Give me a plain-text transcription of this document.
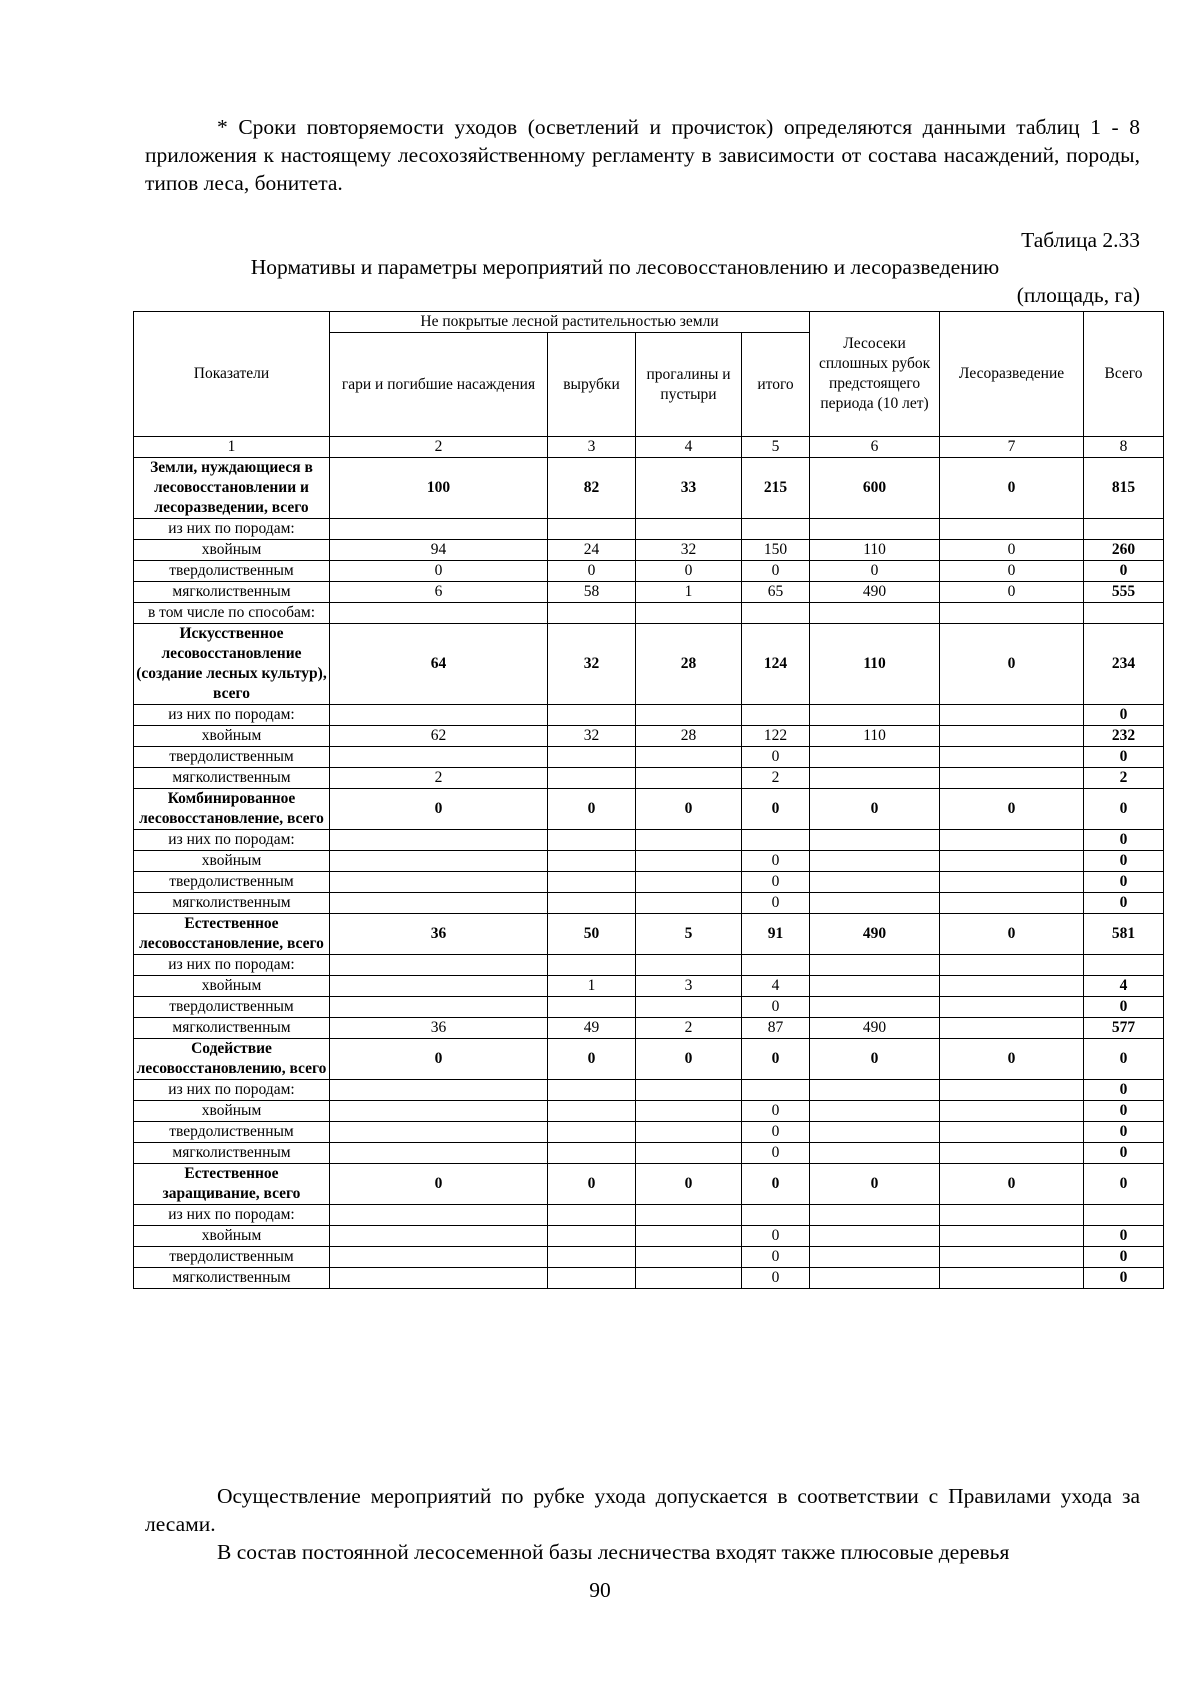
* Сроки повторяемости уходов (осветлений и прочисток) определяются данными таблиц 1 - 8 приложения к настоящему лесохозяйственному регламенту в зависимости от состава насаждений, породы, типов леса, бонитета.

Таблица 2.33
Нормативы и параметры мероприятий по лесовосстановлению и лесоразведению
(площадь, га)
Показатели	Не покрытые лесной растительностью земли				Лесосеки сплошных рубок предстоящего периода (10 лет)	Лесоразведение	Всего
	гари и погибшие насаждения	вырубки	прогалины и пустыри	итого			
1	2	3	4	5	6	7	8
Земли, нуждающиеся в лесовосстановлении и лесоразведении, всего	100	82	33	215	600	0	815
из них по породам:							
хвойным	94	24	32	150	110	0	260
твердолиственным	0	0	0	0	0	0	0
мягколиственным	6	58	1	65	490	0	555
в том числе по способам:							
Искусственное лесовосстановление (создание лесных культур), всего	64	32	28	124	110	0	234
из них по породам:							0
хвойным	62	32	28	122	110		232
твердолиственным				0			0
мягколиственным	2			2			2
Комбинированное лесовосстановление, всего	0	0	0	0	0	0	0
из них по породам:							0
хвойным				0			0
твердолиственным				0			0
мягколиственным				0			0
Естественное лесовосстановление, всего	36	50	5	91	490	0	581
из них по породам:							
хвойным		1	3	4			4
твердолиственным				0			0
мягколиственным	36	49	2	87	490		577
Содействие лесовосстановлению, всего	0	0	0	0	0	0	0
из них по породам:							0
хвойным				0			0
твердолиственным				0			0
мягколиственным				0			0
Естественное заращивание, всего	0	0	0	0	0	0	0
из них по породам:							
хвойным				0			0
твердолиственным				0			0
мягколиственным				0			0

Осуществление мероприятий по рубке ухода допускается в соответствии с Правилами ухода за лесами.

В состав постоянной лесосеменной базы лесничества входят также плюсовые деревья

90
